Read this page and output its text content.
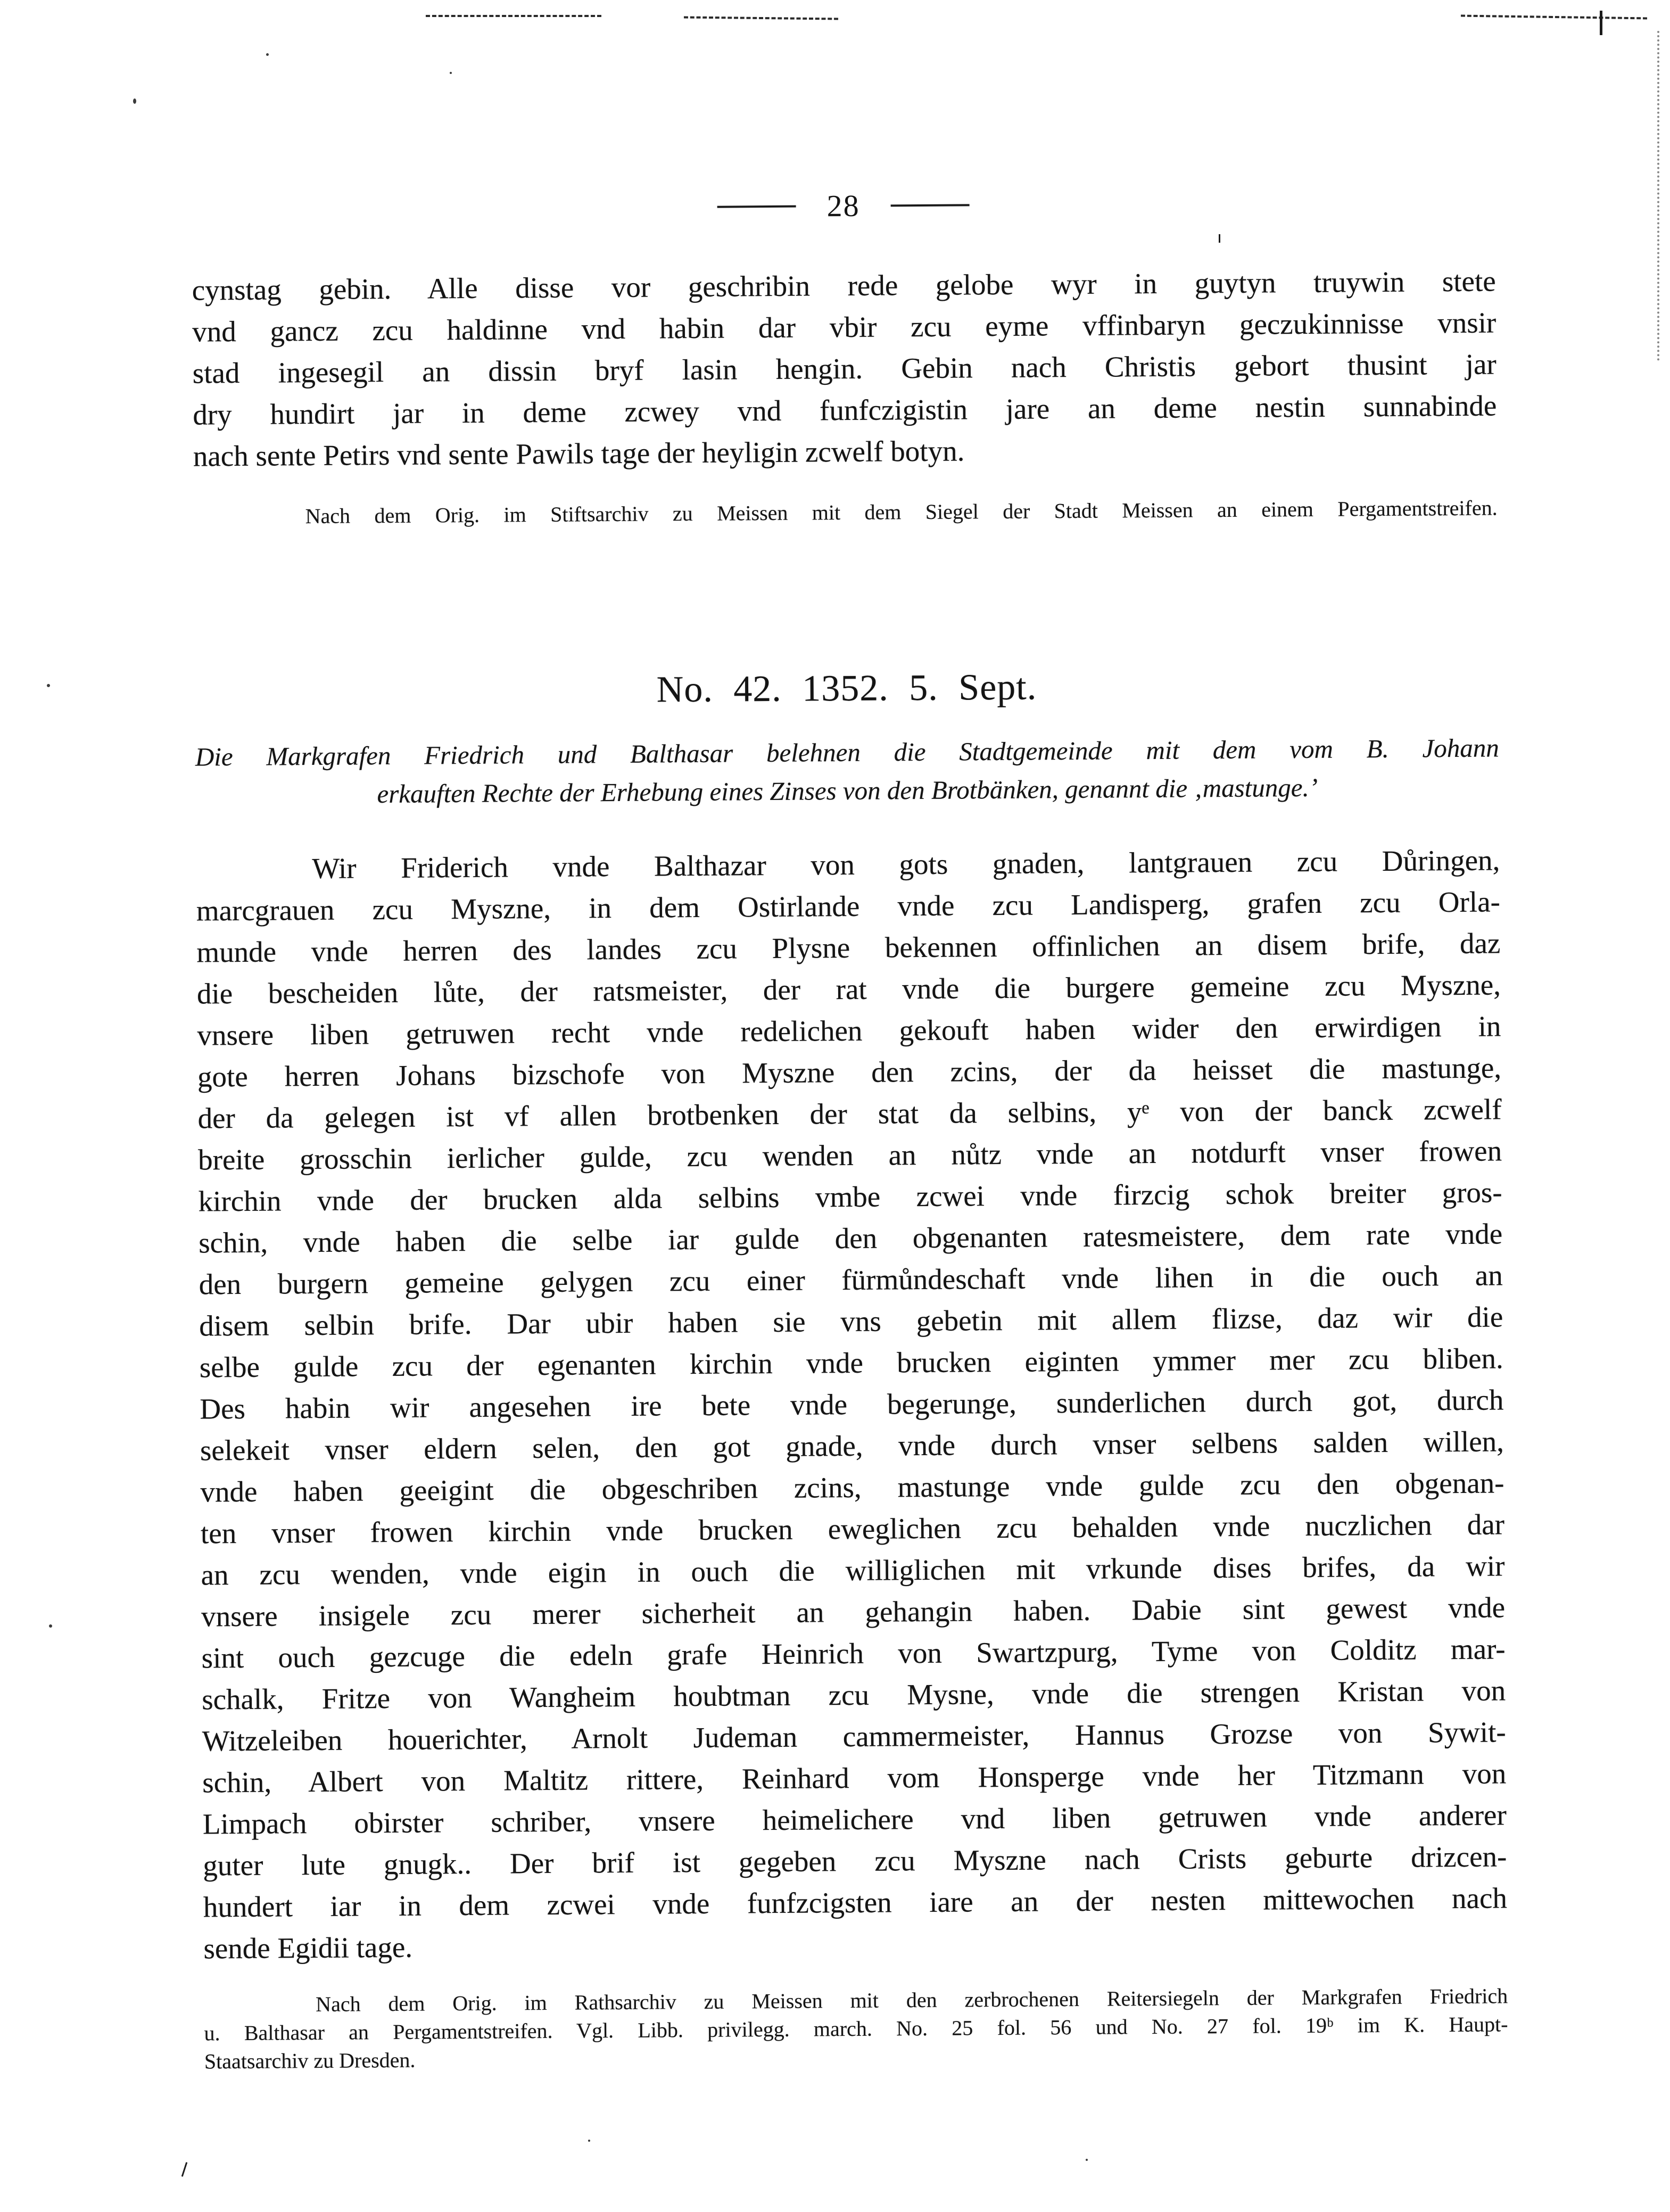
28
cynstag gebin. Alle disse vor geschribin rede gelobe wyr in guytyn truywin stete
vnd gancz zcu haldinne vnd habin dar vbir zcu eyme vffinbaryn geczukinnisse vnsir
stad ingesegil an dissin bryf lasin hengin. Gebin nach Christis gebort thusint jar
dry hundirt jar in deme zcwey vnd funfczigistin jare an deme nestin sunnabinde
nach sente Petirs vnd sente Pawils tage der heyligin zcwelf botyn.
Nach dem Orig. im Stiftsarchiv zu Meissen mit dem Siegel der Stadt Meissen an einem Pergamentstreifen.
No. 42. 1352. 5. Sept.
Die Markgrafen Friedrich und Balthasar belehnen die Stadtgemeinde mit dem vom B. Johann
erkauften Rechte der Erhebung eines Zinses von den Brotbänken, genannt die ‚mastunge.’
Wir Friderich vnde Balthazar von gots gnaden, lantgrauen zcu Důringen,
marcgrauen zcu Myszne, in dem Ostirlande vnde zcu Landisperg, grafen zcu Orla-
munde vnde herren des landes zcu Plysne bekennen offinlichen an disem brife, daz
die bescheiden lůte, der ratsmeister, der rat vnde die burgere gemeine zcu Myszne,
vnsere liben getruwen recht vnde redelichen gekouft haben wider den erwirdigen in
gote herren Johans bizschofe von Myszne den zcins, der da heisset die mastunge,
der da gelegen ist vf allen brotbenken der stat da selbins, yᵉ von der banck zcwelf
breite grosschin ierlicher gulde, zcu wenden an nůtz vnde an notdurft vnser frowen
kirchin vnde der brucken alda selbins vmbe zcwei vnde firzcig schok breiter gros-
schin, vnde haben die selbe iar gulde den obgenanten ratesmeistere, dem rate vnde
den burgern gemeine gelygen zcu einer fürmůndeschaft vnde lihen in die ouch an
disem selbin brife. Dar ubir haben sie vns gebetin mit allem flizse, daz wir die
selbe gulde zcu der egenanten kirchin vnde brucken eiginten ymmer mer zcu bliben.
Des habin wir angesehen ire bete vnde begerunge, sunderlichen durch got, durch
selekeit vnser eldern selen, den got gnade, vnde durch vnser selbens salden willen,
vnde haben geeigint die obgeschriben zcins, mastunge vnde gulde zcu den obgenan-
ten vnser frowen kirchin vnde brucken eweglichen zcu behalden vnde nuczlichen dar
an zcu wenden, vnde eigin in ouch die williglichen mit vrkunde dises brifes, da wir
vnsere insigele zcu merer sicherheit an gehangin haben. Dabie sint gewest vnde
sint ouch gezcuge die edeln grafe Heinrich von Swartzpurg, Tyme von Colditz mar-
schalk, Fritze von Wangheim houbtman zcu Mysne, vnde die strengen Kristan von
Witzeleiben houerichter, Arnolt Judeman cammermeister, Hannus Grozse von Sywit-
schin, Albert von Maltitz rittere, Reinhard vom Honsperge vnde her Titzmann von
Limpach obirster schriber, vnsere heimelichere vnd liben getruwen vnde anderer
guter lute gnugk.. Der brif ist gegeben zcu Myszne nach Crists geburte drizcen-
hundert iar in dem zcwei vnde funfzcigsten iare an der nesten mittewochen nach
sende Egidii tage.
Nach dem Orig. im Rathsarchiv zu Meissen mit den zerbrochenen Reitersiegeln der Markgrafen Friedrich
u. Balthasar an Pergamentstreifen. Vgl. Libb. privilegg. march. No. 25 fol. 56 und No. 27 fol. 19ᵇ im K. Haupt-
Staatsarchiv zu Dresden.
